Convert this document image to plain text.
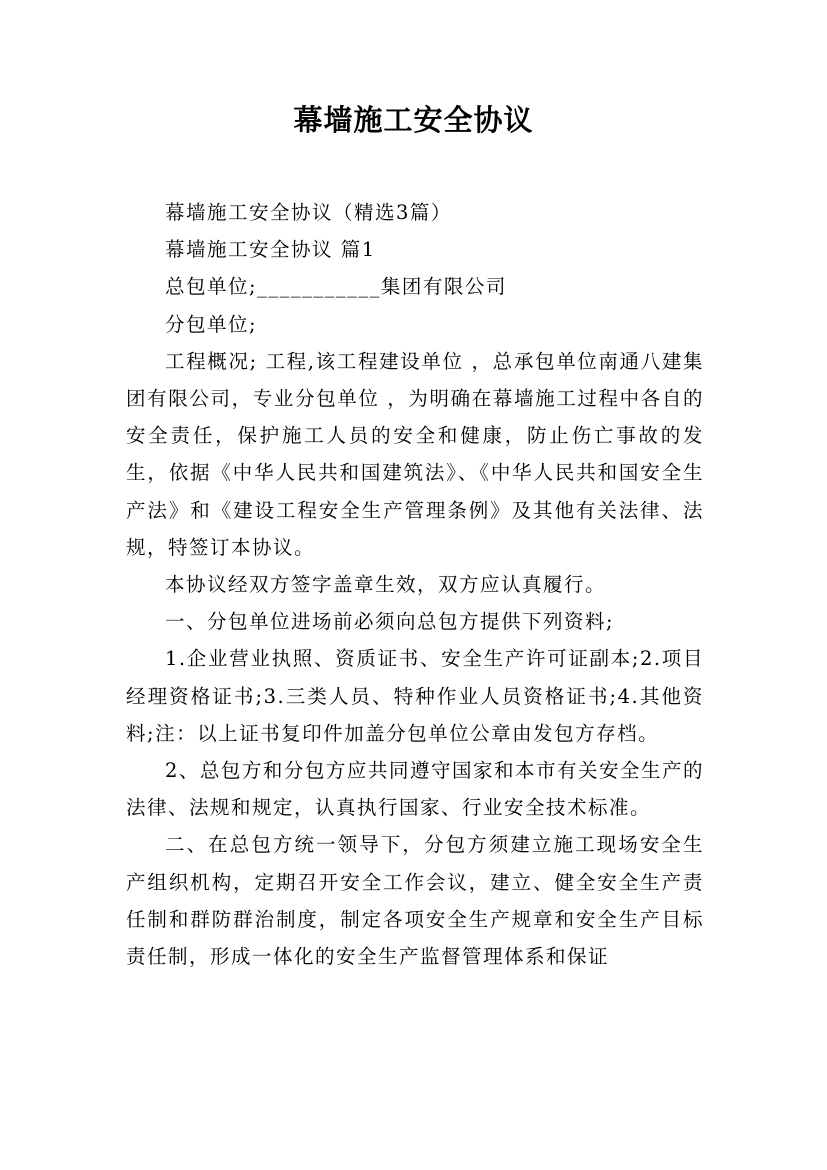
幕墙施工安全协议

幕墙施工安全协议（精选3篇）

幕墙施工安全协议 篇1

总包单位;___________集团有限公司

分包单位;

工程概况; 工程,该工程建设单位 ，总承包单位南通八建集团有限公司，专业分包单位 ，为明确在幕墙施工过程中各自的安全责任，保护施工人员的安全和健康，防止伤亡事故的发生，依据《中华人民共和国建筑法》、《中华人民共和国安全生产法》和《建设工程安全生产管理条例》及其他有关法律、法规，特签订本协议。

本协议经双方签字盖章生效，双方应认真履行。

一、分包单位进场前必须向总包方提供下列资料;

1.企业营业执照、资质证书、安全生产许可证副本;2.项目经理资格证书;3.三类人员、特种作业人员资格证书;4.其他资料;注：以上证书复印件加盖分包单位公章由发包方存档。

2、总包方和分包方应共同遵守国家和本市有关安全生产的法律、法规和规定，认真执行国家、行业安全技术标准。

二、在总包方统一领导下，分包方须建立施工现场安全生产组织机构，定期召开安全工作会议，建立、健全安全生产责任制和群防群治制度，制定各项安全生产规章和安全生产目标责任制，形成一体化的安全生产监督管理体系和保证
